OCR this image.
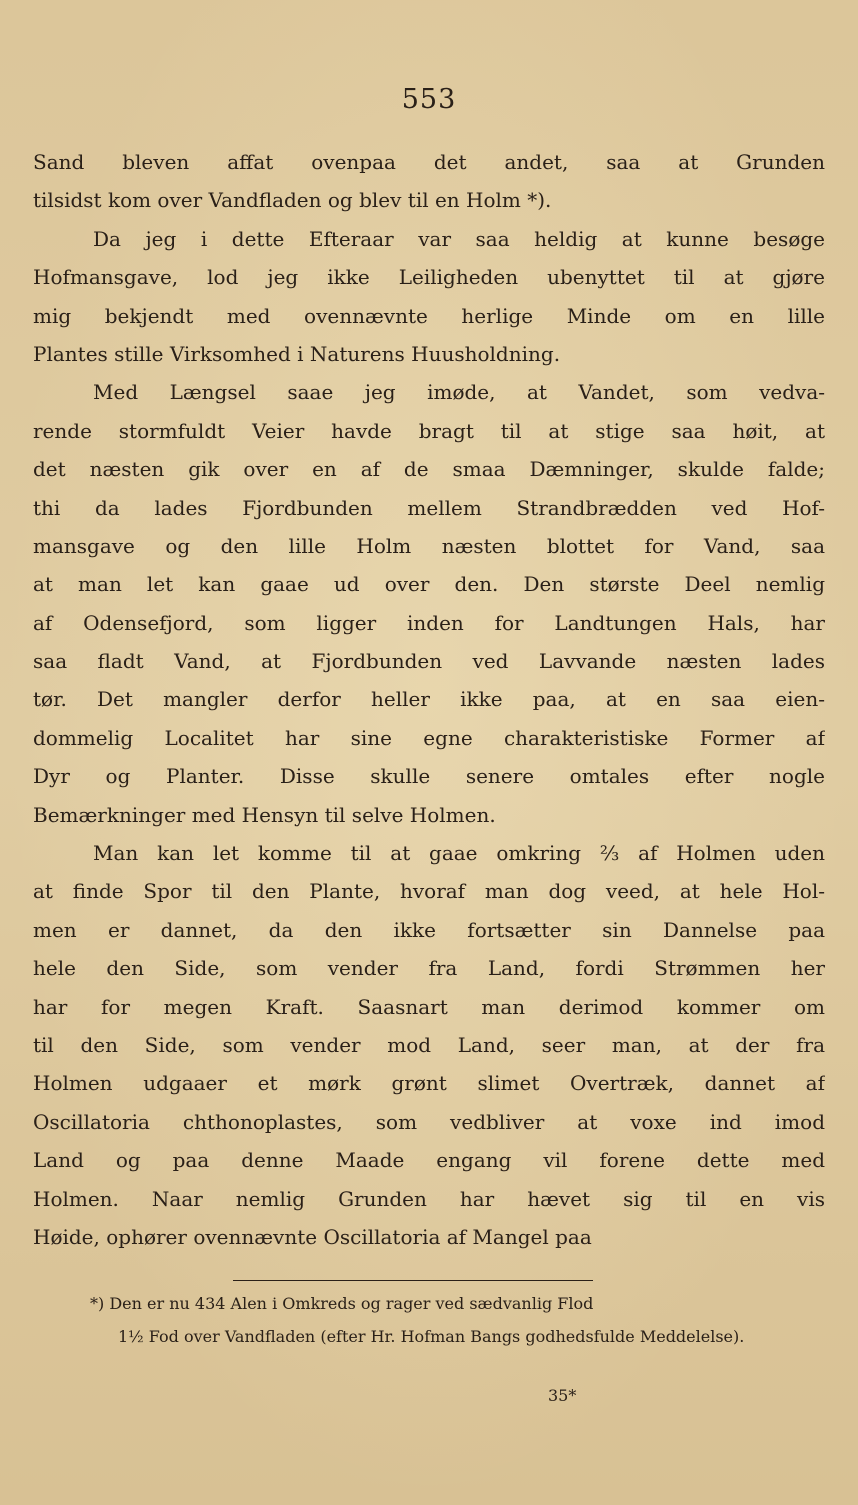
553
Sand bleven affat ovenpaa det andet, saa at Grunden
tilsidst kom over Vandfladen og blev til en Holm *).
Da jeg i dette Efteraar var saa heldig at kunne besøge
Hofmansgave, lod jeg ikke Leiligheden ubenyttet til at gjøre
mig bekjendt med ovennævnte herlige Minde om en lille
Plantes stille Virksomhed i Naturens Huusholdning.
Med Længsel saae jeg imøde, at Vandet, som vedva-
rende stormfuldt Veier havde bragt til at stige saa høit, at
det næsten gik over en af de smaa Dæmninger, skulde falde;
thi da lades Fjordbunden mellem Strandbrædden ved Hof-
mansgave og den lille Holm næsten blottet for Vand, saa
at man let kan gaae ud over den. Den største Deel nemlig
af Odensefjord, som ligger inden for Landtungen Hals, har
saa fladt Vand, at Fjordbunden ved Lavvande næsten lades
tør. Det mangler derfor heller ikke paa, at en saa eien-
dommelig Localitet har sine egne charakteristiske Former af
Dyr og Planter. Disse skulle senere omtales efter nogle
Bemærkninger med Hensyn til selve Holmen.
Man kan let komme til at gaae omkring ⅔ af Holmen uden
at finde Spor til den Plante, hvoraf man dog veed, at hele Hol-
men er dannet, da den ikke fortsætter sin Dannelse paa
hele den Side, som vender fra Land, fordi Strømmen her
har for megen Kraft. Saasnart man derimod kommer om
til den Side, som vender mod Land, seer man, at der fra
Holmen udgaaer et mørk grønt slimet Overtræk, dannet af
Oscillatoria chthonoplastes, som vedbliver at voxe ind imod
Land og paa denne Maade engang vil forene dette med
Holmen. Naar nemlig Grunden har hævet sig til en vis
Høide, ophører ovennævnte Oscillatoria af Mangel paa
*) Den er nu 434 Alen i Omkreds og rager ved sædvanlig Flod
1½ Fod over Vandfladen (efter Hr. Hofman Bangs godhedsfulde Meddelelse).
35*
